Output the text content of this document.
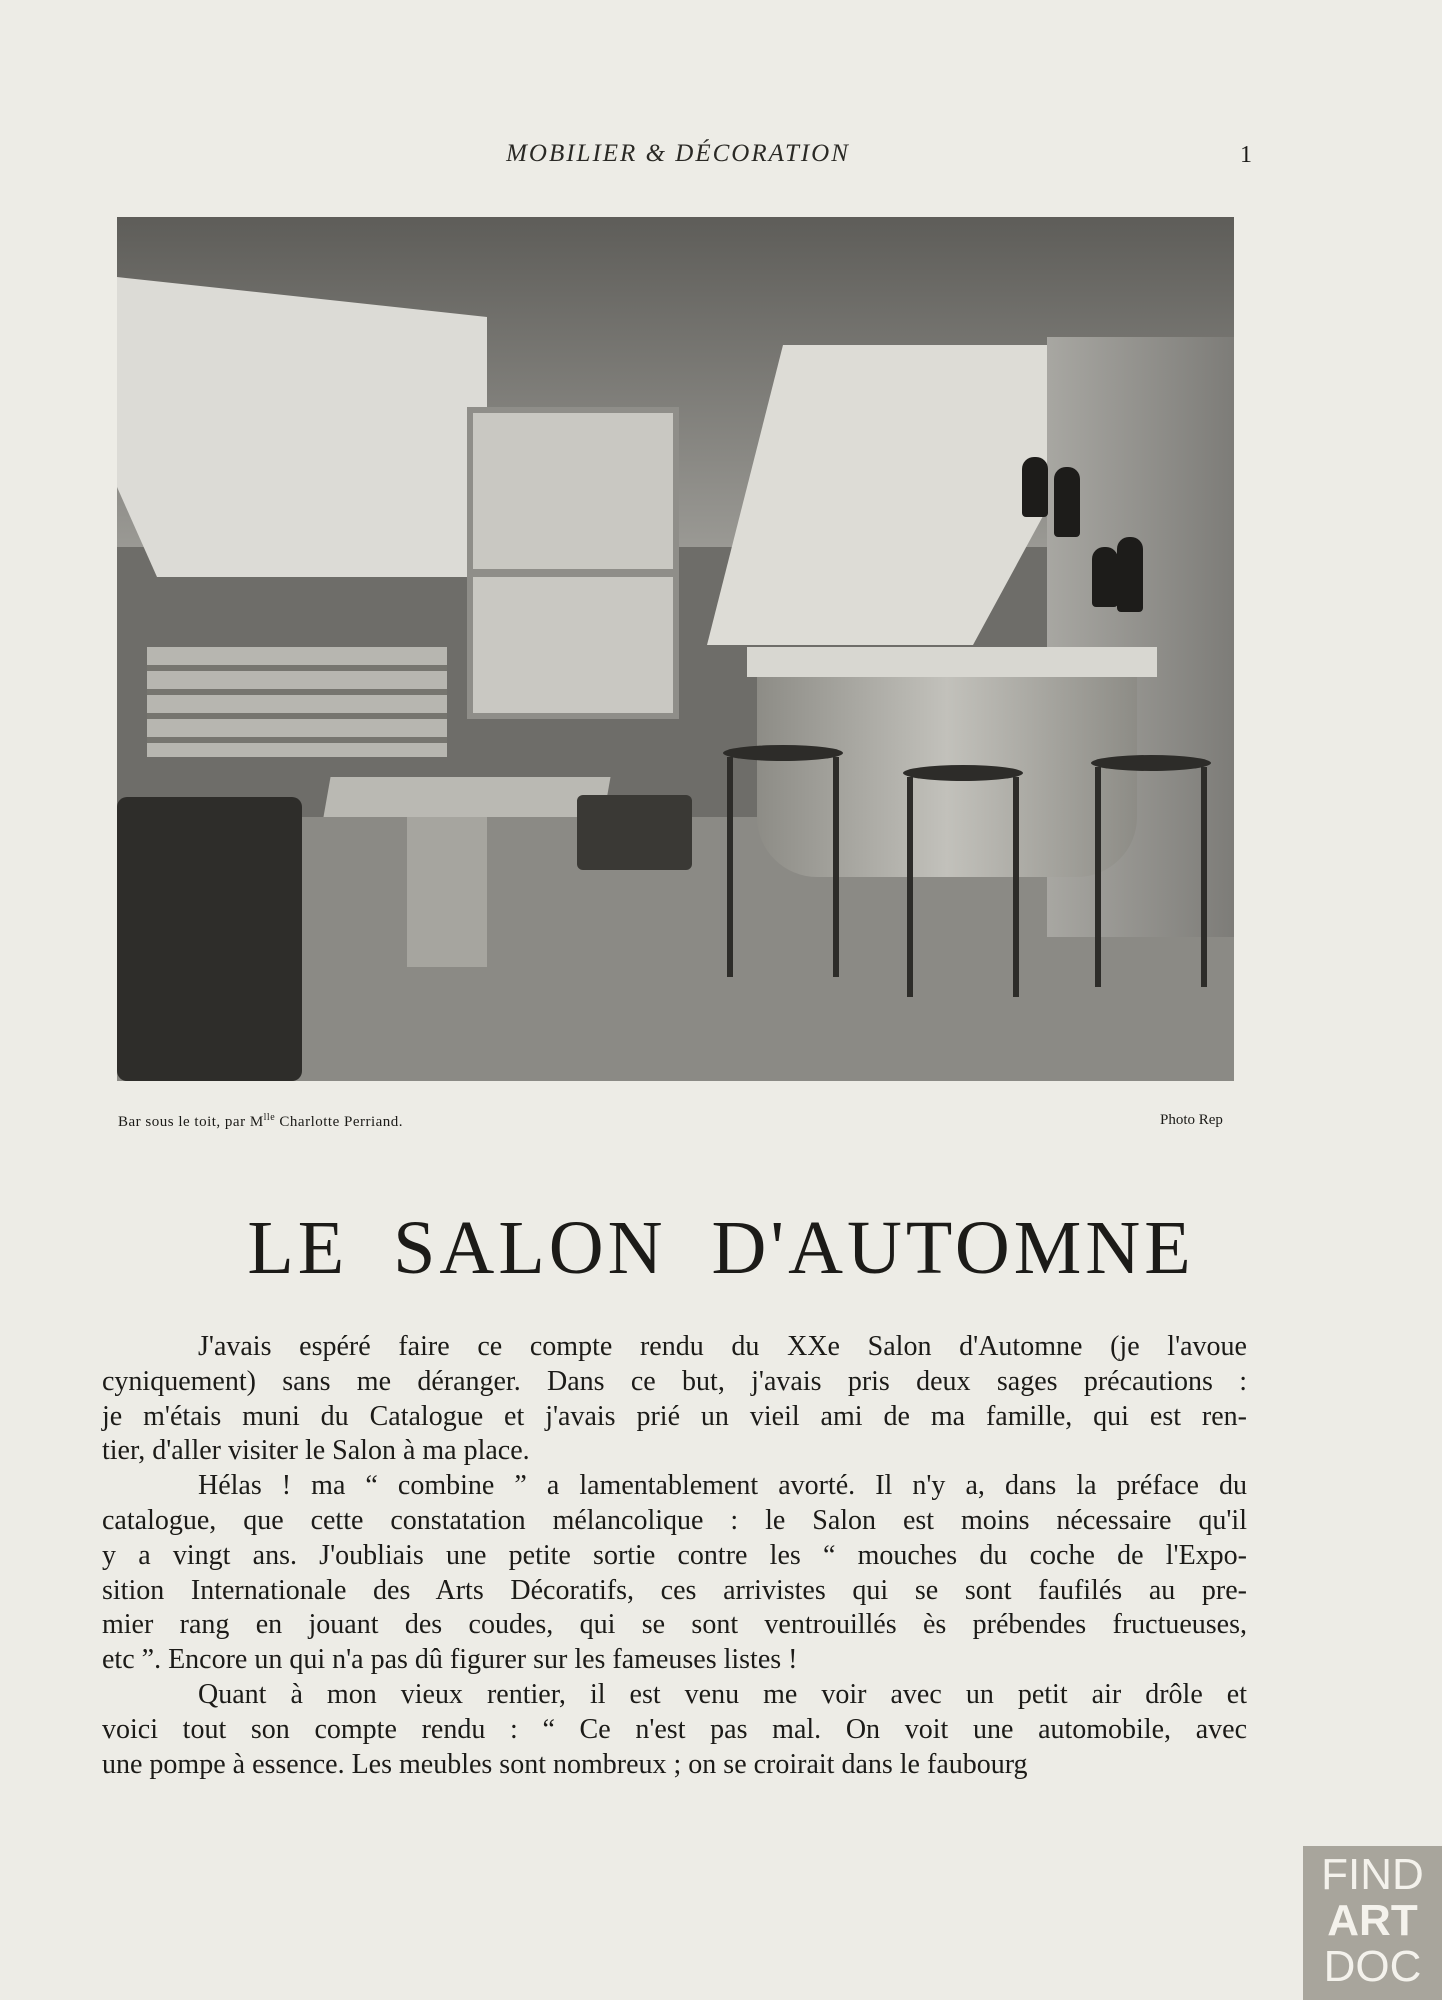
MOBILIER & DÉCORATION	1
Bar sous le toit, par $M^{lle}$ Charlotte Perriand.	Photo Rep
LE SALON D'AUTOMNE
J'avais espéré faire ce compte rendu du XXe Salon d'Automne (je l'avoue
cyniquement) sans me déranger. Dans ce but, j'avais pris deux sages précautions :
je m'étais muni du Catalogue et j'avais prié un vieil ami de ma famille, qui est ren-
tier, d'aller visiter le Salon à ma place.
Hélas ! ma “ combine ” a lamentablement avorté. Il n'y a, dans la préface du
catalogue, que cette constatation mélancolique : le Salon est moins nécessaire qu'il
y a vingt ans. J'oubliais une petite sortie contre les “ mouches du coche de l'Expo-
sition Internationale des Arts Décoratifs, ces arrivistes qui se sont faufilés au pre-
mier rang en jouant des coudes, qui se sont ventrouillés ès prébendes fructueuses,
etc ”. Encore un qui n'a pas dû figurer sur les fameuses listes !
Quant à mon vieux rentier, il est venu me voir avec un petit air drôle et
voici tout son compte rendu : “ Ce n'est pas mal. On voit une automobile, avec
une pompe à essence. Les meubles sont nombreux ; on se croirait dans le faubourg
FIND
ART
DOC
